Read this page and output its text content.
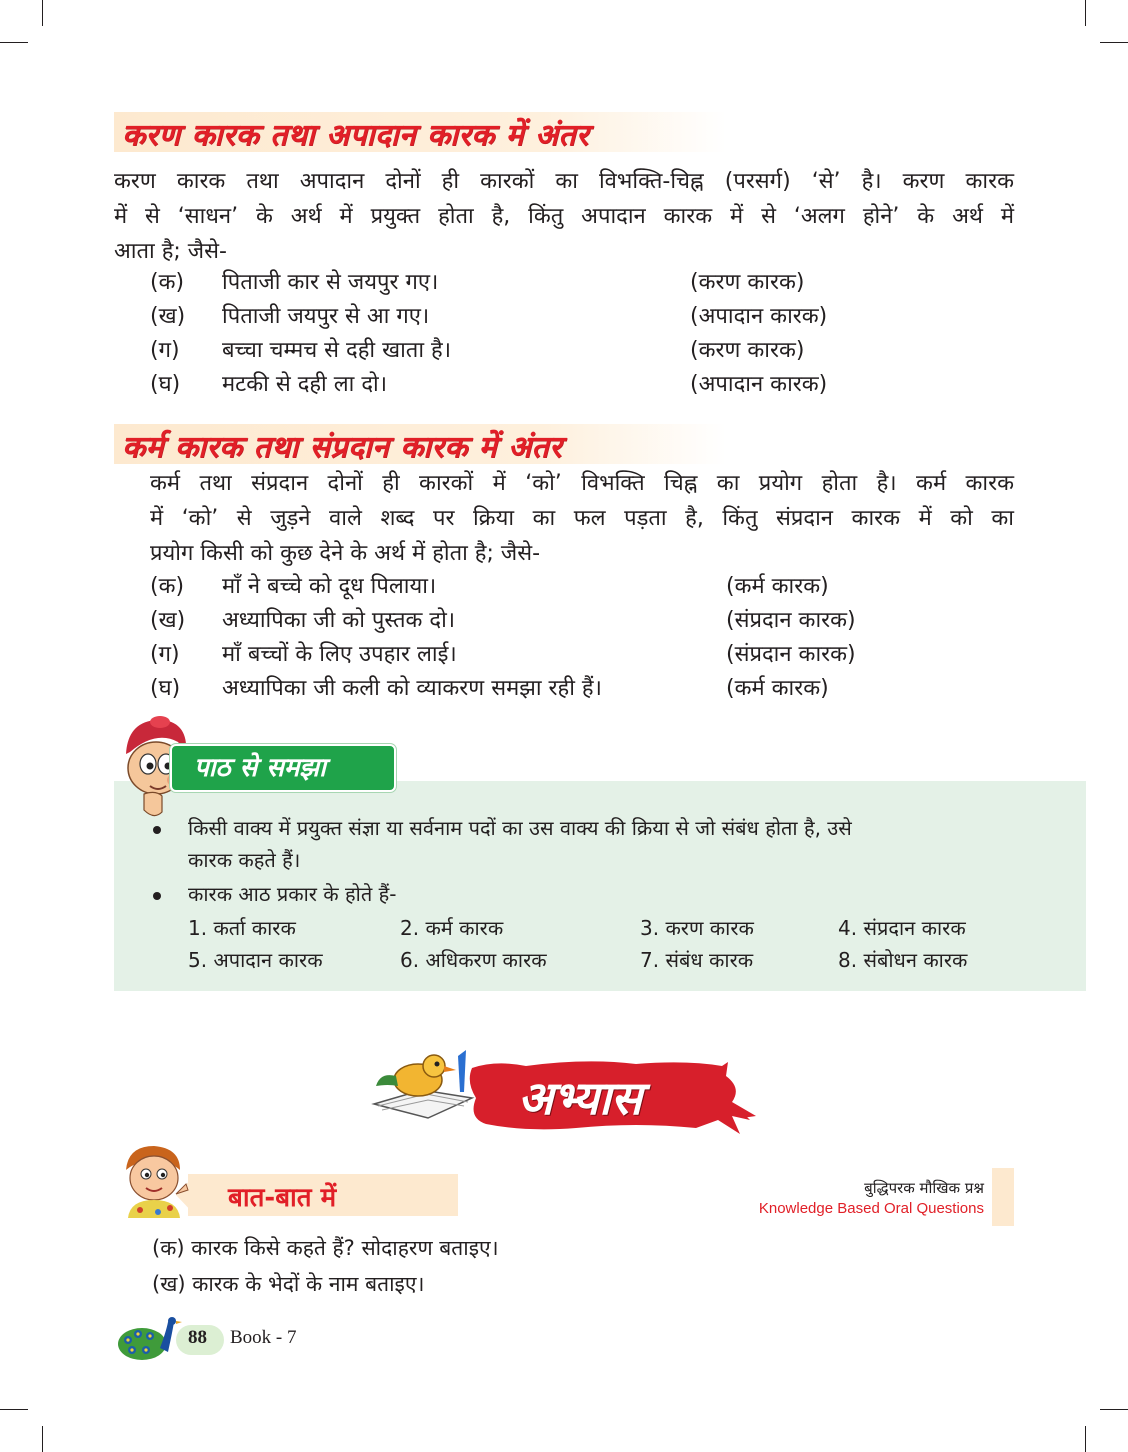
करण कारक तथा अपादान कारक में अंतर

करण कारक तथा अपादान दोनों ही कारकों का विभक्ति-चिह्न (परसर्ग) ‘से’ है। करण कारक

में से ‘साधन’ के अर्थ में प्रयुक्त होता है, किंतु अपादान कारक में से ‘अलग होने’ के अर्थ में

आता है; जैसे-

(क) पिताजी कार से जयपुर गए।	(करण कारक)
(ख) पिताजी जयपुर से आ गए।	(अपादान कारक)
(ग) बच्चा चम्मच से दही खाता है।	(करण कारक)
(घ) मटकी से दही ला दो।	(अपादान कारक)
कर्म कारक तथा संप्रदान कारक में अंतर

कर्म तथा संप्रदान दोनों ही कारकों में ‘को’ विभक्ति चिह्न का प्रयोग होता है। कर्म कारक

में ‘को’ से जुड़ने वाले शब्द पर क्रिया का फल पड़ता है, किंतु संप्रदान कारक में को का

प्रयोग किसी को कुछ देने के अर्थ में होता है; जैसे-

(क) माँ ने बच्चे को दूध पिलाया।	(कर्म कारक)
(ख) अध्यापिका जी को पुस्तक दो।	(संप्रदान कारक)
(ग) माँ बच्चों के लिए उपहार लाई।	(संप्रदान कारक)
(घ) अध्यापिका जी कली को व्याकरण समझा रही हैं।	(कर्म कारक)
पाठ से समझा
किसी वाक्य में प्रयुक्त संज्ञा या सर्वनाम पदों का उस वाक्य की क्रिया से जो संबंध होता है, उसे
कारक कहते हैं।
कारक आठ प्रकार के होते हैं-
1. कर्ता कारक	2. कर्म कारक	3. करण कारक	4. संप्रदान कारक
5. अपादान कारक	6. अधिकरण कारक	7. संबंध कारक	8. संबोधन कारक
अभ्यास
बात-बात में	बुद्धिपरक मौखिक प्रश्न
Knowledge Based Oral Questions
(क) कारक किसे कहते हैं? सोदाहरण बताइए।
(ख) कारक के भेदों के नाम बताइए।
88 Book - 7
